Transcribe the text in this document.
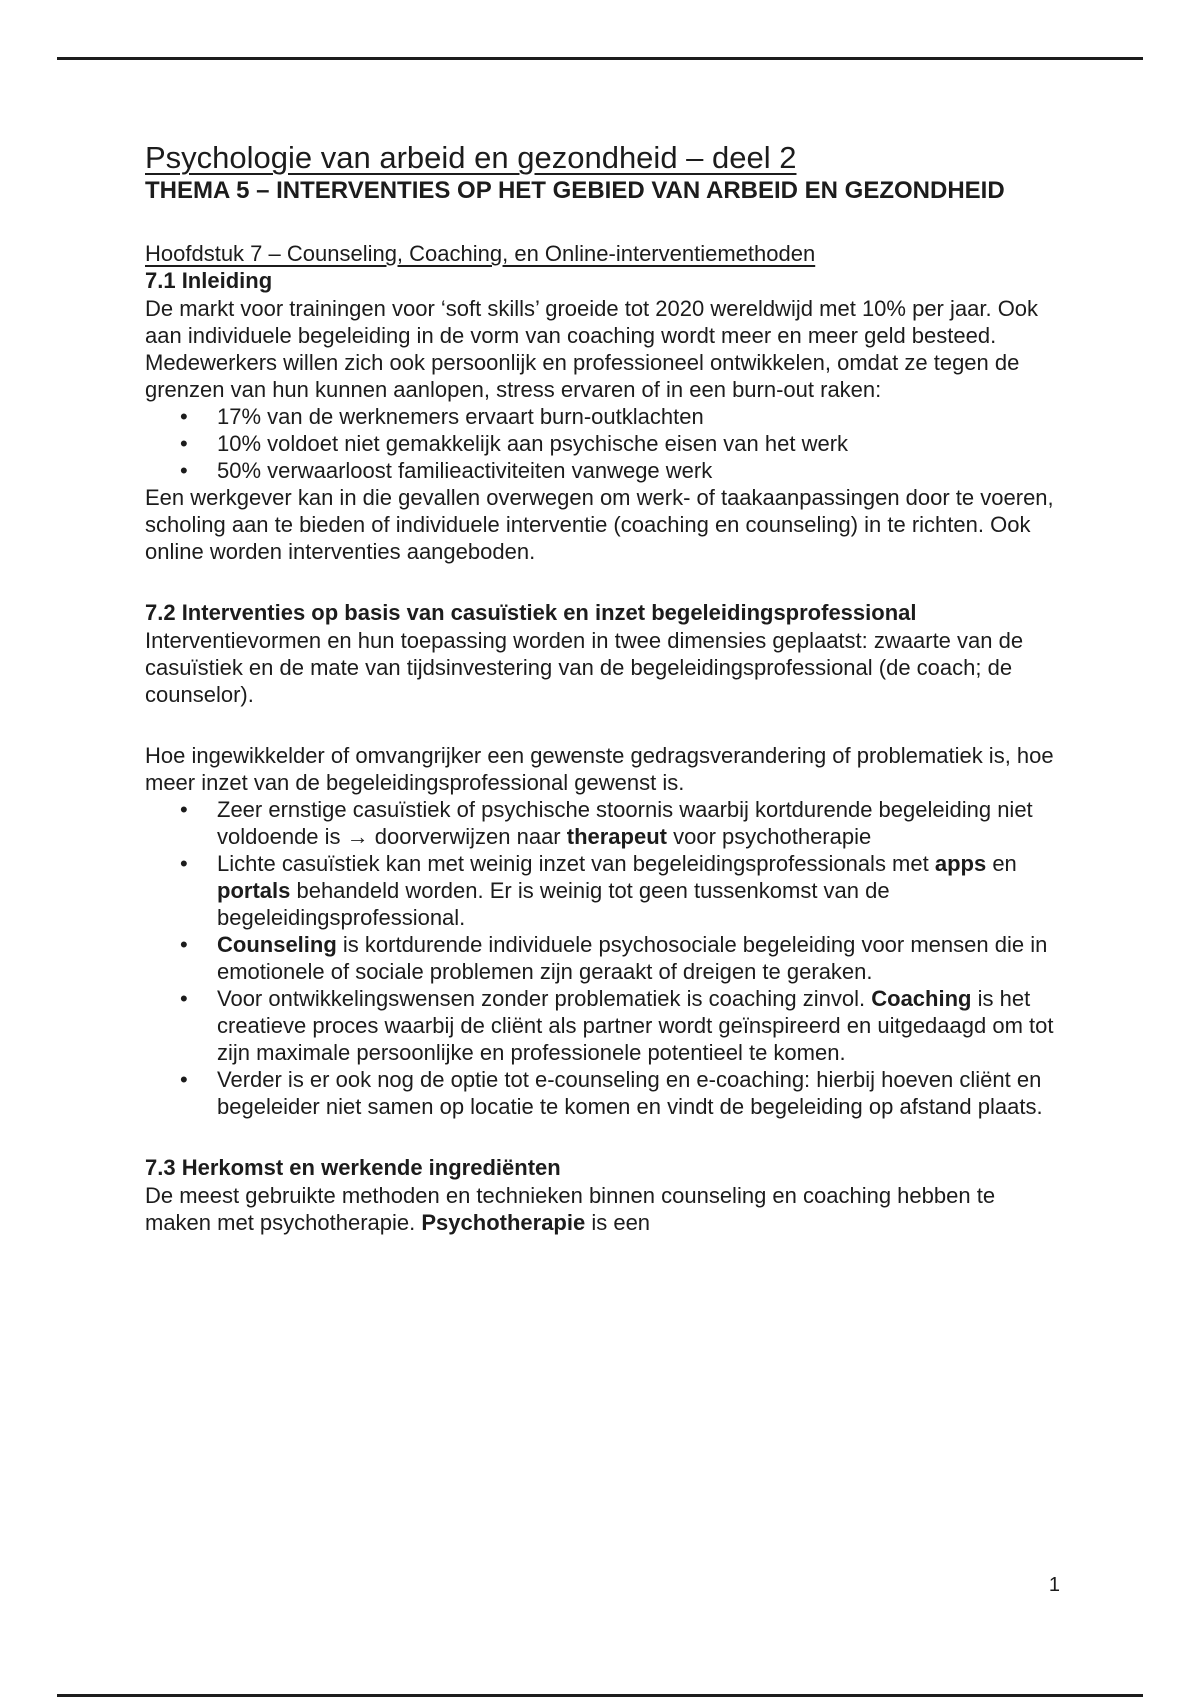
Psychologie van arbeid en gezondheid – deel 2
THEMA 5 – INTERVENTIES OP HET GEBIED VAN ARBEID EN GEZONDHEID
Hoofdstuk 7 – Counseling, Coaching, en Online-interventiemethoden
7.1 Inleiding
De markt voor trainingen voor ‘soft skills’ groeide tot 2020 wereldwijd met 10% per jaar. Ook aan individuele begeleiding in de vorm van coaching wordt meer en meer geld besteed. Medewerkers willen zich ook persoonlijk en professioneel ontwikkelen, omdat ze tegen de grenzen van hun kunnen aanlopen, stress ervaren of in een burn-out raken:
• 17% van de werknemers ervaart burn-outklachten
• 10% voldoet niet gemakkelijk aan psychische eisen van het werk
• 50% verwaarloost familieactiviteiten vanwege werk
Een werkgever kan in die gevallen overwegen om werk- of taakaanpassingen door te voeren, scholing aan te bieden of individuele interventie (coaching en counseling) in te richten. Ook online worden interventies aangeboden.
7.2 Interventies op basis van casuïstiek en inzet begeleidingsprofessional
Interventievormen en hun toepassing worden in twee dimensies geplaatst: zwaarte van de casuïstiek en de mate van tijdsinvestering van de begeleidingsprofessional (de coach; de counselor).
Hoe ingewikkelder of omvangrijker een gewenste gedragsverandering of problematiek is, hoe meer inzet van de begeleidingsprofessional gewenst is.
• Zeer ernstige casuïstiek of psychische stoornis waarbij kortdurende begeleiding niet voldoende is → doorverwijzen naar therapeut voor psychotherapie
• Lichte casuïstiek kan met weinig inzet van begeleidingsprofessionals met apps en portals behandeld worden. Er is weinig tot geen tussenkomst van de begeleidingsprofessional.
• Counseling is kortdurende individuele psychosociale begeleiding voor mensen die in emotionele of sociale problemen zijn geraakt of dreigen te geraken.
• Voor ontwikkelingswensen zonder problematiek is coaching zinvol. Coaching is het creatieve proces waarbij de cliënt als partner wordt geïnspireerd en uitgedaagd om tot zijn maximale persoonlijke en professionele potentieel te komen.
• Verder is er ook nog de optie tot e-counseling en e-coaching: hierbij hoeven cliënt en begeleider niet samen op locatie te komen en vindt de begeleiding op afstand plaats.
7.3 Herkomst en werkende ingrediënten
De meest gebruikte methoden en technieken binnen counseling en coaching hebben te maken met psychotherapie. Psychotherapie is een
1
